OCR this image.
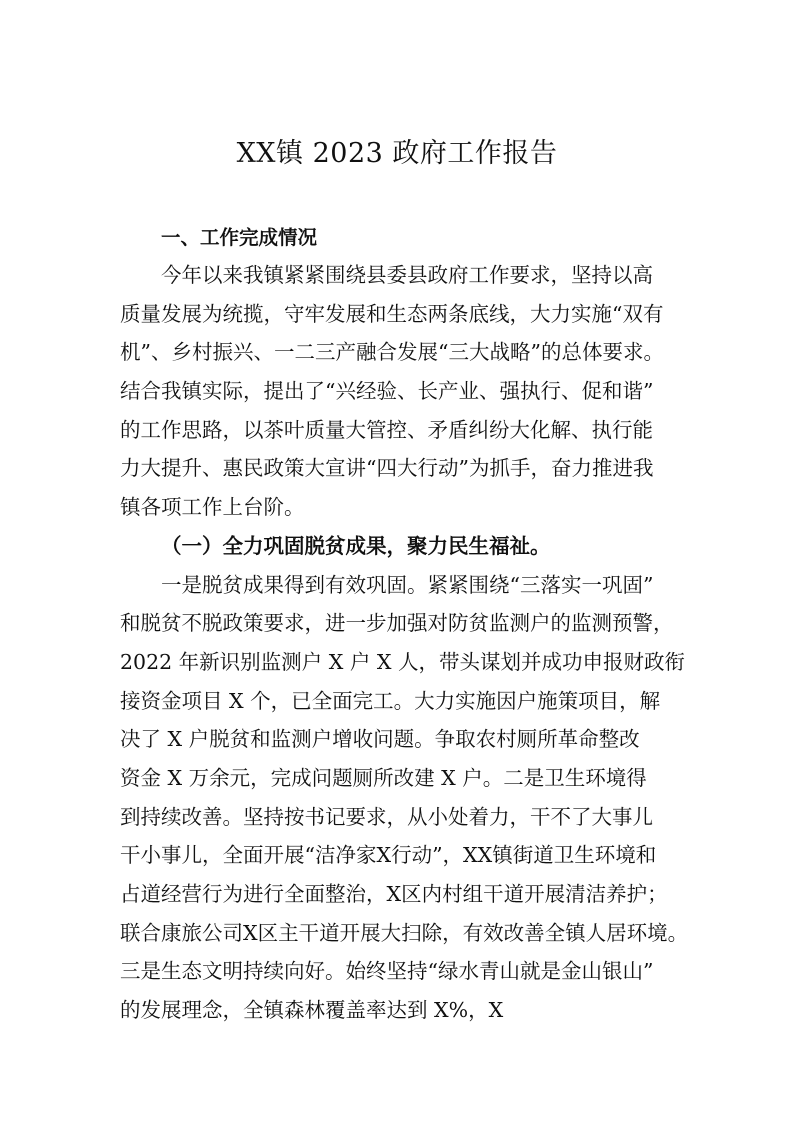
XX镇 2023 政府工作报告
一、工作完成情况
今年以来我镇紧紧围绕县委县政府工作要求，坚持以高
质量发展为统揽，守牢发展和生态两条底线，大力实施“双有
机”、乡村振兴、一二三产融合发展“三大战略”的总体要求。
结合我镇实际，提出了“兴经验、长产业、强执行、促和谐”
的工作思路，以茶叶质量大管控、矛盾纠纷大化解、执行能
力大提升、惠民政策大宣讲“四大行动”为抓手，奋力推进我
镇各项工作上台阶。
（一）全力巩固脱贫成果，聚力民生福祉。
一是脱贫成果得到有效巩固。紧紧围绕“三落实一巩固”
和脱贫不脱政策要求，进一步加强对防贫监测户的监测预警，
2022 年新识别监测户 X 户 X 人，带头谋划并成功申报财政衔
接资金项目 X 个，已全面完工。大力实施因户施策项目，解
决了 X 户脱贫和监测户增收问题。争取农村厕所革命整改
资金 X 万余元，完成问题厕所改建 X 户。二是卫生环境得
到持续改善。坚持按书记要求，从小处着力，干不了大事儿
干小事儿，全面开展“洁净家X行动”，XX镇街道卫生环境和
占道经营行为进行全面整治，X区内村组干道开展清洁养护；
联合康旅公司X区主干道开展大扫除，有效改善全镇人居环境。
三是生态文明持续向好。始终坚持“绿水青山就是金山银山”
的发展理念，全镇森林覆盖率达到 X%，X
